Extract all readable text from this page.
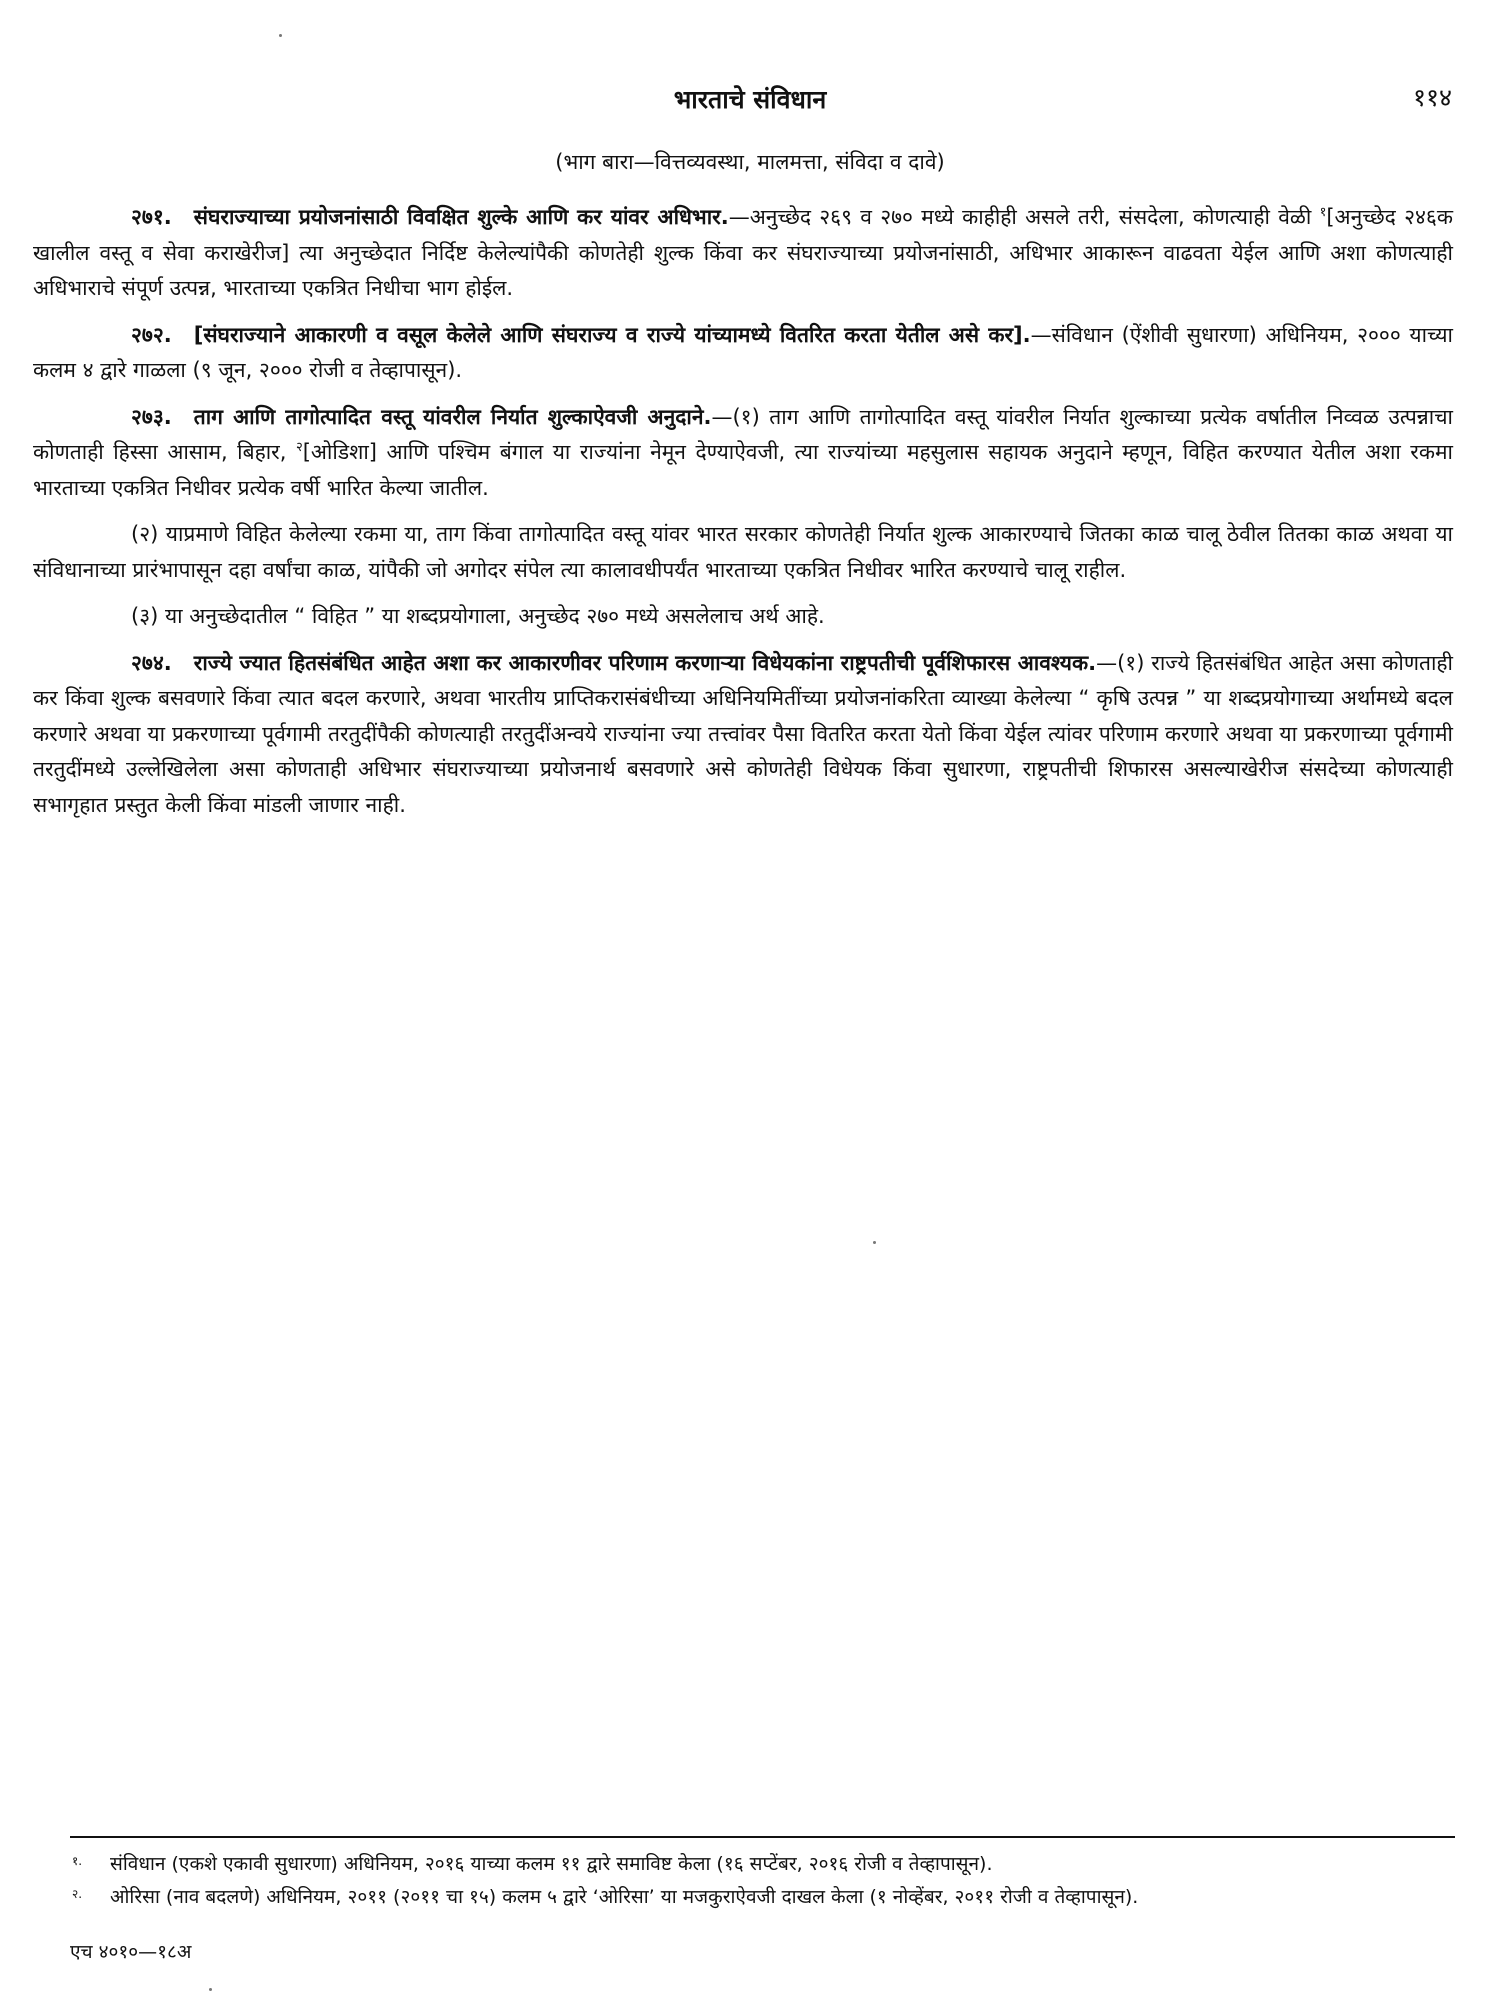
भारताचे संविधान	११४
(भाग बारा—वित्तव्यवस्था, मालमत्ता, संविदा व दावे)

२७१. संघराज्याच्या प्रयोजनांसाठी विवक्षित शुल्के आणि कर यांवर अधिभार.—अनुच्छेद २६९ व २७० मध्ये काहीही असले तरी, संसदेला, कोणत्याही वेळी $^१$[अनुच्छेद २४६क खालील वस्तू व सेवा कराखेरीज] त्या अनुच्छेदात निर्दिष्ट केलेल्यांपैकी कोणतेही शुल्क किंवा कर संघराज्याच्या प्रयोजनांसाठी, अधिभार आकारून वाढवता येईल आणि अशा कोणत्याही अधिभाराचे संपूर्ण उत्पन्न, भारताच्या एकत्रित निधीचा भाग होईल.

२७२. [संघराज्याने आकारणी व वसूल केलेले आणि संघराज्य व राज्ये यांच्यामध्ये वितरित करता येतील असे कर].—संविधान (ऐंशीवी सुधारणा) अधिनियम, २००० याच्या कलम ४ द्वारे गाळला (९ जून, २००० रोजी व तेव्हापासून).

२७३. ताग आणि तागोत्पादित वस्तू यांवरील निर्यात शुल्काऐवजी अनुदाने.—(१) ताग आणि तागोत्पादित वस्तू यांवरील निर्यात शुल्काच्या प्रत्येक वर्षातील निव्वळ उत्पन्नाचा कोणताही हिस्सा आसाम, बिहार, $^२$[ओडिशा] आणि पश्चिम बंगाल या राज्यांना नेमून देण्याऐवजी, त्या राज्यांच्या महसुलास सहायक अनुदाने म्हणून, विहित करण्यात येतील अशा रकमा भारताच्या एकत्रित निधीवर प्रत्येक वर्षी भारित केल्या जातील.

(२) याप्रमाणे विहित केलेल्या रकमा या, ताग किंवा तागोत्पादित वस्तू यांवर भारत सरकार कोणतेही निर्यात शुल्क आकारण्याचे जितका काळ चालू ठेवील तितका काळ अथवा या संविधानाच्या प्रारंभापासून दहा वर्षांचा काळ, यांपैकी जो अगोदर संपेल त्या कालावधीपर्यंत भारताच्या एकत्रित निधीवर भारित करण्याचे चालू राहील.

(३) या अनुच्छेदातील “ विहित ” या शब्दप्रयोगाला, अनुच्छेद २७० मध्ये असलेलाच अर्थ आहे.

२७४. राज्ये ज्यात हितसंबंधित आहेत अशा कर आकारणीवर परिणाम करणाऱ्या विधेयकांना राष्ट्रपतीची पूर्वशिफारस आवश्यक.—(१) राज्ये हितसंबंधित आहेत असा कोणताही कर किंवा शुल्क बसवणारे किंवा त्यात बदल करणारे, अथवा भारतीय प्राप्तिकरासंबंधीच्या अधिनियमितींच्या प्रयोजनांकरिता व्याख्या केलेल्या “ कृषि उत्पन्न ” या शब्दप्रयोगाच्या अर्थामध्ये बदल करणारे अथवा या प्रकरणाच्या पूर्वगामी तरतुदींपैकी कोणत्याही तरतुदींअन्वये राज्यांना ज्या तत्त्वांवर पैसा वितरित करता येतो किंवा येईल त्यांवर परिणाम करणारे अथवा या प्रकरणाच्या पूर्वगामी तरतुदींमध्ये उल्लेखिलेला असा कोणताही अधिभार संघराज्याच्या प्रयोजनार्थ बसवणारे असे कोणतेही विधेयक किंवा सुधारणा, राष्ट्रपतीची शिफारस असल्याखेरीज संसदेच्या कोणत्याही सभागृहात प्रस्तुत केली किंवा मांडली जाणार नाही.

१. संविधान (एकशे एकावी सुधारणा) अधिनियम, २०१६ याच्या कलम ११ द्वारे समाविष्ट केला (१६ सप्टेंबर, २०१६ रोजी व तेव्हापासून).
२. ओरिसा (नाव बदलणे) अधिनियम, २०११ (२०११ चा १५) कलम ५ द्वारे ‘ओरिसा’ या मजकुराऐवजी दाखल केला (१ नोव्हेंबर, २०११ रोजी व तेव्हापासून).
एच ४०१०—१८अ
